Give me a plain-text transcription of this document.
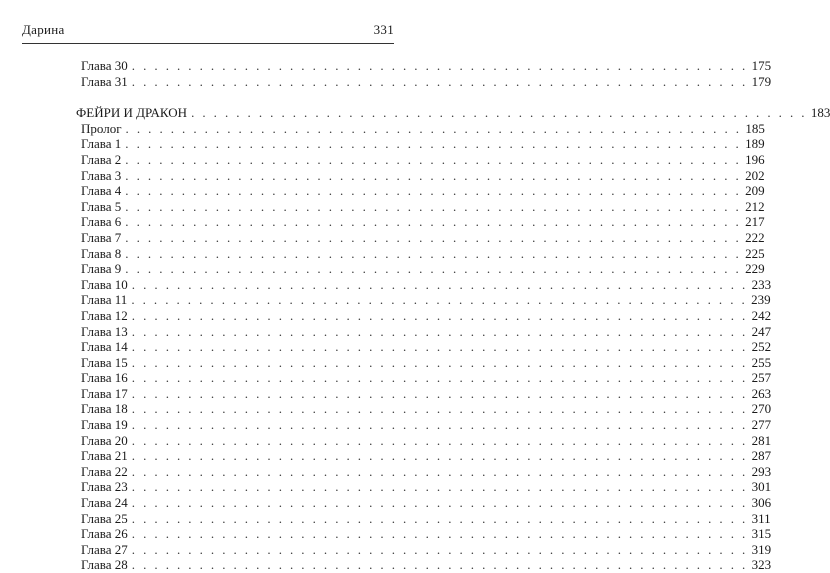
Дарина	331
Глава 30 . . . . . . . . . . . . . . . . . . . . . . . . . . . . . . . . . . . . . . . . . . . . . . . . . . . . . . . 175
Глава 31 . . . . . . . . . . . . . . . . . . . . . . . . . . . . . . . . . . . . . . . . . . . . . . . . . . . . . . . 179
ФЕЙРИ И ДРАКОН . . . . . . . . . . . . . . . . . . . . . . . . . . . . . . . . . . . . . . . . . . . . . . . . . . . . . . . 183
Пролог . . . . . . . . . . . . . . . . . . . . . . . . . . . . . . . . . . . . . . . . . . . . . . . . . . . . . . . 185
Глава 1 . . . . . . . . . . . . . . . . . . . . . . . . . . . . . . . . . . . . . . . . . . . . . . . . . . . . . . . 189
Глава 2 . . . . . . . . . . . . . . . . . . . . . . . . . . . . . . . . . . . . . . . . . . . . . . . . . . . . . . . 196
Глава 3 . . . . . . . . . . . . . . . . . . . . . . . . . . . . . . . . . . . . . . . . . . . . . . . . . . . . . . . 202
Глава 4 . . . . . . . . . . . . . . . . . . . . . . . . . . . . . . . . . . . . . . . . . . . . . . . . . . . . . . . 209
Глава 5 . . . . . . . . . . . . . . . . . . . . . . . . . . . . . . . . . . . . . . . . . . . . . . . . . . . . . . . 212
Глава 6 . . . . . . . . . . . . . . . . . . . . . . . . . . . . . . . . . . . . . . . . . . . . . . . . . . . . . . . 217
Глава 7 . . . . . . . . . . . . . . . . . . . . . . . . . . . . . . . . . . . . . . . . . . . . . . . . . . . . . . . 222
Глава 8 . . . . . . . . . . . . . . . . . . . . . . . . . . . . . . . . . . . . . . . . . . . . . . . . . . . . . . . 225
Глава 9 . . . . . . . . . . . . . . . . . . . . . . . . . . . . . . . . . . . . . . . . . . . . . . . . . . . . . . . 229
Глава 10 . . . . . . . . . . . . . . . . . . . . . . . . . . . . . . . . . . . . . . . . . . . . . . . . . . . . . . . 233
Глава 11 . . . . . . . . . . . . . . . . . . . . . . . . . . . . . . . . . . . . . . . . . . . . . . . . . . . . . . . 239
Глава 12 . . . . . . . . . . . . . . . . . . . . . . . . . . . . . . . . . . . . . . . . . . . . . . . . . . . . . . . 242
Глава 13 . . . . . . . . . . . . . . . . . . . . . . . . . . . . . . . . . . . . . . . . . . . . . . . . . . . . . . . 247
Глава 14 . . . . . . . . . . . . . . . . . . . . . . . . . . . . . . . . . . . . . . . . . . . . . . . . . . . . . . . 252
Глава 15 . . . . . . . . . . . . . . . . . . . . . . . . . . . . . . . . . . . . . . . . . . . . . . . . . . . . . . . 255
Глава 16 . . . . . . . . . . . . . . . . . . . . . . . . . . . . . . . . . . . . . . . . . . . . . . . . . . . . . . . 257
Глава 17 . . . . . . . . . . . . . . . . . . . . . . . . . . . . . . . . . . . . . . . . . . . . . . . . . . . . . . . 263
Глава 18 . . . . . . . . . . . . . . . . . . . . . . . . . . . . . . . . . . . . . . . . . . . . . . . . . . . . . . . 270
Глава 19 . . . . . . . . . . . . . . . . . . . . . . . . . . . . . . . . . . . . . . . . . . . . . . . . . . . . . . . 277
Глава 20 . . . . . . . . . . . . . . . . . . . . . . . . . . . . . . . . . . . . . . . . . . . . . . . . . . . . . . . 281
Глава 21 . . . . . . . . . . . . . . . . . . . . . . . . . . . . . . . . . . . . . . . . . . . . . . . . . . . . . . . 287
Глава 22 . . . . . . . . . . . . . . . . . . . . . . . . . . . . . . . . . . . . . . . . . . . . . . . . . . . . . . . 293
Глава 23 . . . . . . . . . . . . . . . . . . . . . . . . . . . . . . . . . . . . . . . . . . . . . . . . . . . . . . . 301
Глава 24 . . . . . . . . . . . . . . . . . . . . . . . . . . . . . . . . . . . . . . . . . . . . . . . . . . . . . . . 306
Глава 25 . . . . . . . . . . . . . . . . . . . . . . . . . . . . . . . . . . . . . . . . . . . . . . . . . . . . . . . 311
Глава 26 . . . . . . . . . . . . . . . . . . . . . . . . . . . . . . . . . . . . . . . . . . . . . . . . . . . . . . . 315
Глава 27 . . . . . . . . . . . . . . . . . . . . . . . . . . . . . . . . . . . . . . . . . . . . . . . . . . . . . . . 319
Глава 28 . . . . . . . . . . . . . . . . . . . . . . . . . . . . . . . . . . . . . . . . . . . . . . . . . . . . . . . 323
